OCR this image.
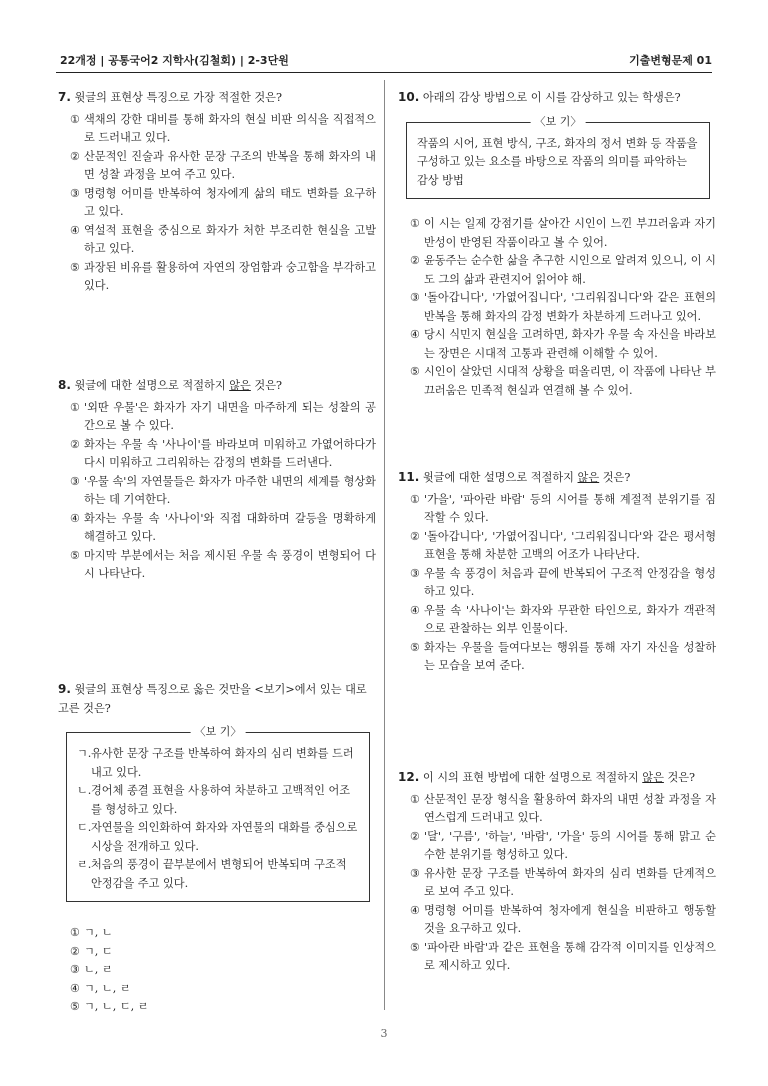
22개정 | 공통국어2 지학사(김철회) | 2-3단원	기출변형문제 01
7. 윗글의 표현상 특징으로 가장 적절한 것은?
① 색채의 강한 대비를 통해 화자의 현실 비판 의식을 직접적으로 드러내고 있다.
② 산문적인 진술과 유사한 문장 구조의 반복을 통해 화자의 내면 성찰 과정을 보여 주고 있다.
③ 명령형 어미를 반복하여 청자에게 삶의 태도 변화를 요구하고 있다.
④ 역설적 표현을 중심으로 화자가 처한 부조리한 현실을 고발하고 있다.
⑤ 과장된 비유를 활용하여 자연의 장엄함과 숭고함을 부각하고 있다.
8. 윗글에 대한 설명으로 적절하지 않은 것은?
① '외딴 우물'은 화자가 자기 내면을 마주하게 되는 성찰의 공간으로 볼 수 있다.
② 화자는 우물 속 '사나이'를 바라보며 미워하고 가엾어하다가 다시 미워하고 그리워하는 감정의 변화를 드러낸다.
③ '우물 속'의 자연물들은 화자가 마주한 내면의 세계를 형상화하는 데 기여한다.
④ 화자는 우물 속 '사나이'와 직접 대화하며 갈등을 명확하게 해결하고 있다.
⑤ 마지막 부분에서는 처음 제시된 우물 속 풍경이 변형되어 다시 나타난다.
9. 윗글의 표현상 특징으로 옳은 것만을 <보기>에서 있는 대로 고른 것은?
〈보 기〉
ㄱ. 유사한 문장 구조를 반복하여 화자의 심리 변화를 드러내고 있다.
ㄴ. 경어체 종결 표현을 사용하여 차분하고 고백적인 어조를 형성하고 있다.
ㄷ. 자연물을 의인화하여 화자와 자연물의 대화를 중심으로 시상을 전개하고 있다.
ㄹ. 처음의 풍경이 끝부분에서 변형되어 반복되며 구조적 안정감을 주고 있다.
① ㄱ, ㄴ
② ㄱ, ㄷ
③ ㄴ, ㄹ
④ ㄱ, ㄴ, ㄹ
⑤ ㄱ, ㄴ, ㄷ, ㄹ
10. 아래의 감상 방법으로 이 시를 감상하고 있는 학생은?
〈보 기〉
작품의 시어, 표현 방식, 구조, 화자의 정서 변화 등 작품을 구성하고 있는 요소를 바탕으로 작품의 의미를 파악하는 감상 방법
① 이 시는 일제 강점기를 살아간 시인이 느낀 부끄러움과 자기반성이 반영된 작품이라고 볼 수 있어.
② 윤동주는 순수한 삶을 추구한 시인으로 알려져 있으니, 이 시도 그의 삶과 관련지어 읽어야 해.
③ '돌아갑니다', '가엾어집니다', '그리워집니다'와 같은 표현의 반복을 통해 화자의 감정 변화가 차분하게 드러나고 있어.
④ 당시 식민지 현실을 고려하면, 화자가 우물 속 자신을 바라보는 장면은 시대적 고통과 관련해 이해할 수 있어.
⑤ 시인이 살았던 시대적 상황을 떠올리면, 이 작품에 나타난 부끄러움은 민족적 현실과 연결해 볼 수 있어.
11. 윗글에 대한 설명으로 적절하지 않은 것은?
① '가을', '파아란 바람' 등의 시어를 통해 계절적 분위기를 짐작할 수 있다.
② '돌아갑니다', '가엾어집니다', '그리워집니다'와 같은 평서형 표현을 통해 차분한 고백의 어조가 나타난다.
③ 우물 속 풍경이 처음과 끝에 반복되어 구조적 안정감을 형성하고 있다.
④ 우물 속 '사나이'는 화자와 무관한 타인으로, 화자가 객관적으로 관찰하는 외부 인물이다.
⑤ 화자는 우물을 들여다보는 행위를 통해 자기 자신을 성찰하는 모습을 보여 준다.
12. 이 시의 표현 방법에 대한 설명으로 적절하지 않은 것은?
① 산문적인 문장 형식을 활용하여 화자의 내면 성찰 과정을 자연스럽게 드러내고 있다.
② '달', '구름', '하늘', '바람', '가을' 등의 시어를 통해 맑고 순수한 분위기를 형성하고 있다.
③ 유사한 문장 구조를 반복하여 화자의 심리 변화를 단계적으로 보여 주고 있다.
④ 명령형 어미를 반복하여 청자에게 현실을 비판하고 행동할 것을 요구하고 있다.
⑤ '파아란 바람'과 같은 표현을 통해 감각적 이미지를 인상적으로 제시하고 있다.
3
